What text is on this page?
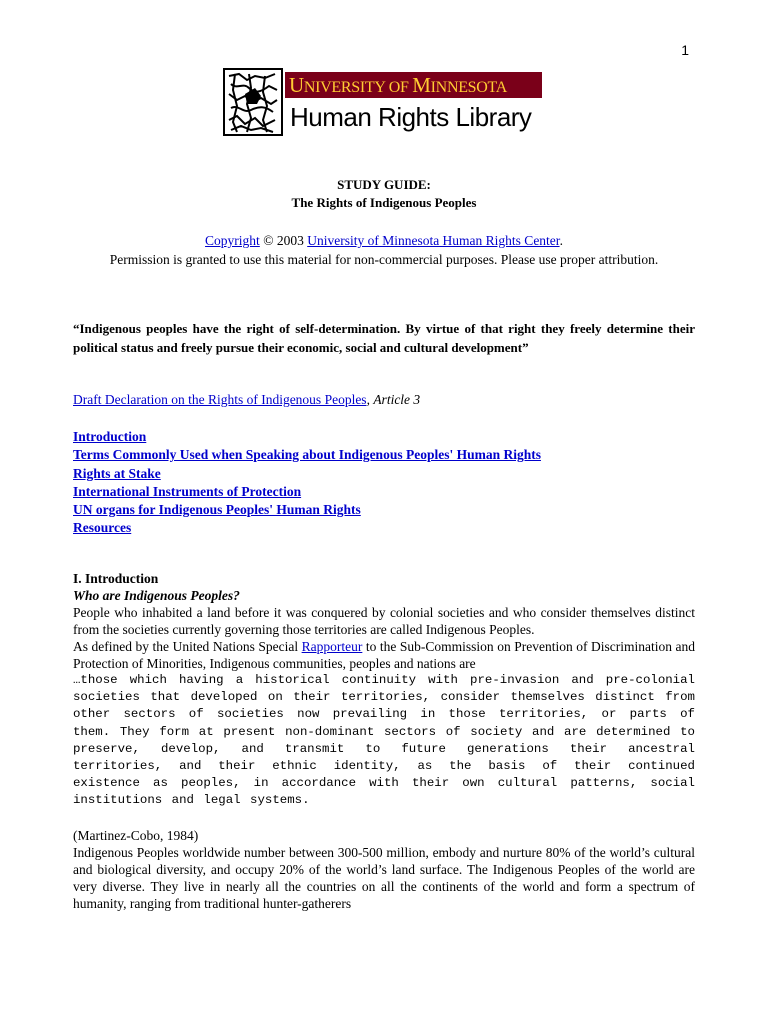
1
UNIVERSITY OF MINNESOTA
Human Rights Library
STUDY GUIDE:
The Rights of Indigenous Peoples
Copyright © 2003 University of Minnesota Human Rights Center.
Permission is granted to use this material for non-commercial purposes. Please use proper attribution.
“Indigenous peoples have the right of self-determination. By virtue of that right they freely determine their political status and freely pursue their economic, social and cultural development”
Draft Declaration on the Rights of Indigenous Peoples, Article 3
Introduction
Terms Commonly Used when Speaking about Indigenous Peoples' Human Rights
Rights at Stake
International Instruments of Protection
UN organs for Indigenous Peoples' Human Rights
Resources
I. Introduction
Who are Indigenous Peoples?
People who inhabited a land before it was conquered by colonial societies and who consider themselves distinct from the societies currently governing those territories are called Indigenous Peoples.
As defined by the United Nations Special Rapporteur to the Sub-Commission on Prevention of Discrimination and Protection of Minorities, Indigenous communities, peoples and nations are
…those which having a historical continuity with pre-invasion and pre-colonial societies that developed on their territories, consider themselves distinct from other sectors of societies now prevailing in those territories, or parts of them. They form at present non-dominant sectors of society and are determined to preserve, develop, and transmit to future generations their ancestral territories, and their ethnic identity, as the basis of their continued existence as peoples, in accordance with their own cultural patterns, social institutions and legal systems.
(Martinez-Cobo, 1984)
Indigenous Peoples worldwide number between 300-500 million, embody and nurture 80% of the world’s cultural and biological diversity, and occupy 20% of the world’s land surface. The Indigenous Peoples of the world are very diverse. They live in nearly all the countries on all the continents of the world and form a spectrum of humanity, ranging from traditional hunter-gatherers
